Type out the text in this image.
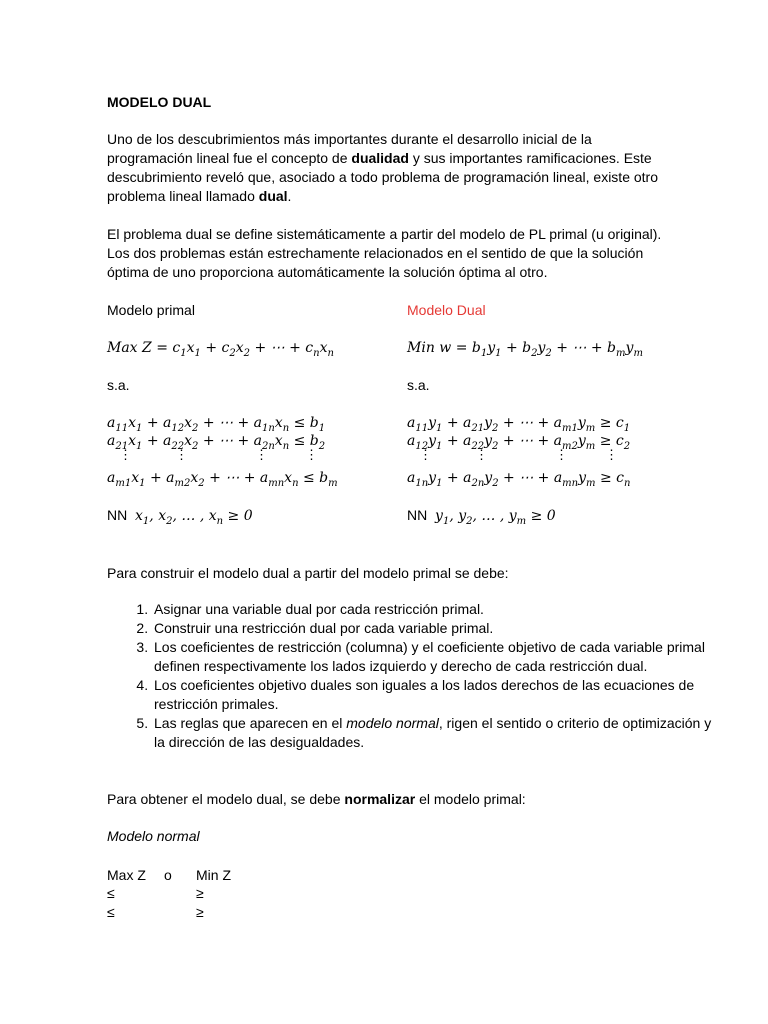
MODELO DUAL

Uno de los descubrimientos más importantes durante el desarrollo inicial de la programación lineal fue el concepto de dualidad y sus importantes ramificaciones. Este descubrimiento reveló que, asociado a todo problema de programación lineal, existe otro problema lineal llamado dual.

El problema dual se define sistemáticamente a partir del modelo de PL primal (u original). Los dos problemas están estrechamente relacionados en el sentido de que la solución óptima de uno proporciona automáticamente la solución óptima al otro.

Modelo primal

Max $Z = c_1x_1 + c_2x_2$ + ⋯ + $c_nx_n$

s.a.

$a_{11}x_1 + a_{12}x_2$ + ⋯ + $a_{1n}x_n \le b_1$
$a_{21}x_1 + a_{22}x_2$ + ⋯ + $a_{2n}x_n \le b_2$
⋮	⋮	⋮	⋮
$a_{m1}x_1 + a_{m2}x_2$ + ⋯ + $a_{mn}x_n \le b_m$
NN $x_1$, $x_2$, … , $x_n \ge 0$

Modelo Dual

Min $w = b_1y_1 + b_2y_2$ + ⋯ + $b_my_m$

s.a.

$a_{11}y_1 + a_{21}y_2$ + ⋯ + $a_{m1}y_m \ge c_1$
$a_{12}y_1 + a_{22}y_2$ + ⋯ + $a_{m2}y_m \ge c_2$
⋮	⋮	⋮	⋮
$a_{1n}y_1 + a_{2n}y_2$ + ⋯ + $a_{mn}y_m \ge c_n$
NN $y_1$, $y_2$, … , $y_m \ge 0$

Para construir el modelo dual a partir del modelo primal se debe:

1. Asignar una variable dual por cada restricción primal.
2. Construir una restricción dual por cada variable primal.
3. Los coeficientes de restricción (columna) y el coeficiente objetivo de cada variable primal definen respectivamente los lados izquierdo y derecho de cada restricción dual.
4. Los coeficientes objetivo duales son iguales a los lados derechos de las ecuaciones de restricción primales.
5. Las reglas que aparecen en el modelo normal, rigen el sentido o criterio de optimización y la dirección de las desigualdades.

Para obtener el modelo dual, se debe normalizar el modelo primal:

Modelo normal

Max Z o Min Z

≤	≥

≤	≥
